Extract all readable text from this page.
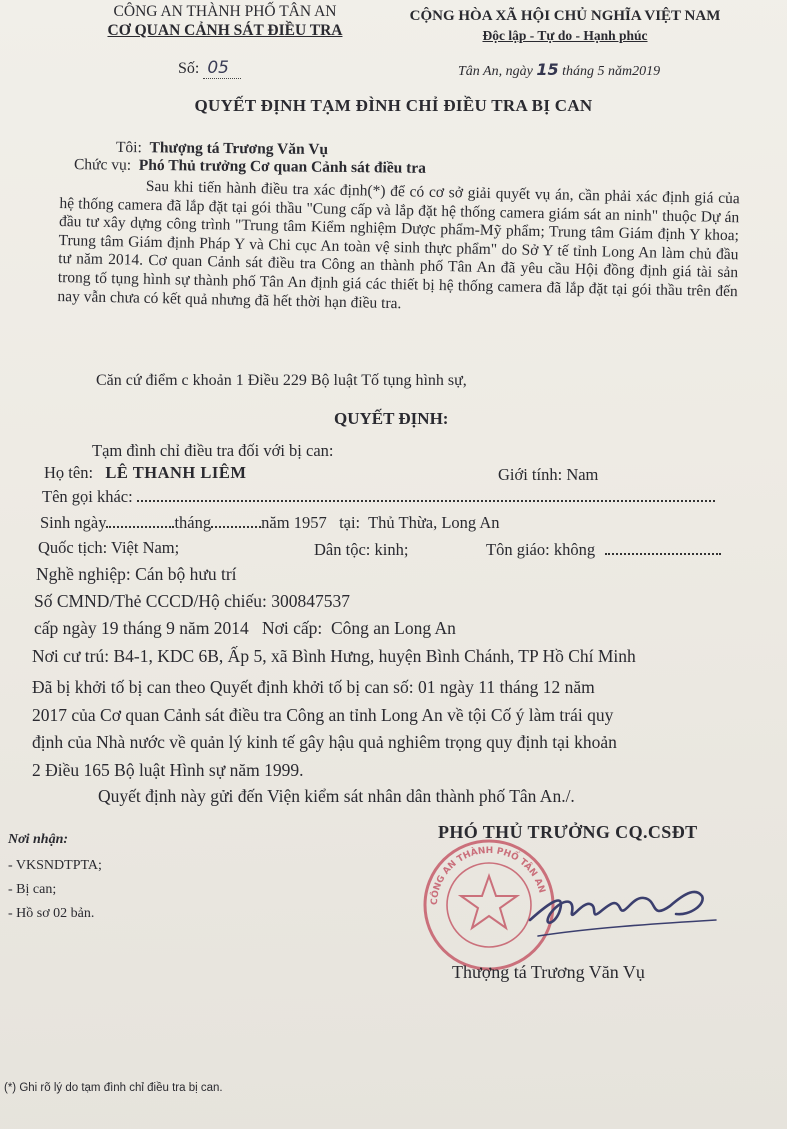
CÔNG AN THÀNH PHỐ TÂN AN
CƠ QUAN CẢNH SÁT ĐIỀU TRA
CỘNG HÒA XÃ HỘI CHỦ NGHĨA VIỆT NAM
Độc lập - Tự do - Hạnh phúc
Số: 05	Tân An, ngày 15 tháng 5 năm2019
QUYẾT ĐỊNH TẠM ĐÌNH CHỈ ĐIỀU TRA BỊ CAN
Tôi: Thượng tá Trương Văn Vụ
Chức vụ: Phó Thủ trưởng Cơ quan Cảnh sát điều tra

Sau khi tiến hành điều tra xác định(*) để có cơ sở giải quyết vụ án, cần phải xác định giá của hệ thống camera đã lắp đặt tại gói thầu "Cung cấp và lắp đặt hệ thống camera giám sát an ninh" thuộc Dự án đầu tư xây dựng công trình "Trung tâm Kiểm nghiệm Dược phẩm-Mỹ phẩm; Trung tâm Giám định Y khoa; Trung tâm Giám định Pháp Y và Chi cục An toàn vệ sinh thực phẩm" do Sở Y tế tỉnh Long An làm chủ đầu tư năm 2014. Cơ quan Cảnh sát điều tra Công an thành phố Tân An đã yêu cầu Hội đồng định giá tài sản trong tố tụng hình sự thành phố Tân An định giá các thiết bị hệ thống camera đã lắp đặt tại gói thầu trên đến nay vẫn chưa có kết quả nhưng đã hết thời hạn điều tra.

Căn cứ điểm c khoản 1 Điều 229 Bộ luật Tố tụng hình sự,
QUYẾT ĐỊNH:
Tạm đình chỉ điều tra đối với bị can:
Họ tên: LÊ THANH LIÊM	Giới tính: Nam
Tên gọi khác:
Sinh ngày	tháng	năm 1957 tại: Thủ Thừa, Long An
Quốc tịch: Việt Nam;	Dân tộc: kinh;	Tôn giáo: không
Nghề nghiệp: Cán bộ hưu trí
Số CMND/Thẻ CCCD/Hộ chiếu: 300847537
cấp ngày 19 tháng 9 năm 2014 Nơi cấp: Công an Long An
Nơi cư trú: B4-1, KDC 6B, Ấp 5, xã Bình Hưng, huyện Bình Chánh, TP Hồ Chí Minh
Đã bị khởi tố bị can theo Quyết định khởi tố bị can số: 01 ngày 11 tháng 12 năm
2017 của Cơ quan Cảnh sát điều tra Công an tỉnh Long An về tội Cố ý làm trái quy
định của Nhà nước về quản lý kinh tế gây hậu quả nghiêm trọng quy định tại khoản
2 Điều 165 Bộ luật Hình sự năm 1999.
Quyết định này gửi đến Viện kiểm sát nhân dân thành phố Tân An./.
Nơi nhận:
- VKSNDTPTA;
- Bị can;
- Hồ sơ 02 bản.
CÔNG AN THÀNH PHỐ TÂN AN
PHÓ THỦ TRƯỞNG CQ.CSĐT
Thượng tá Trương Văn Vụ
(*) Ghi rõ lý do tạm đình chỉ điều tra bị can.
